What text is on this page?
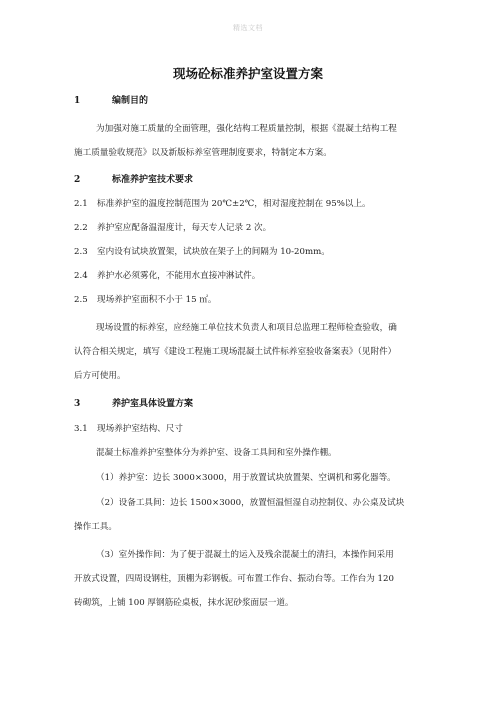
精选文档
现场砼标准养护室设置方案
1	编制目的
为加强对施工质量的全面管理，强化结构工程质量控制，根据《混凝土结构工程
施工质量验收规范》以及新版标养室管理制度要求，特制定本方案。
2	标准养护室技术要求
2.1 标准养护室的温度控制范围为 20℃±2℃，相对湿度控制在 95%以上。
2.2 养护室应配备温湿度计，每天专人记录 2 次。
2.3 室内设有试块放置架，试块放在架子上的间隔为 10-20mm。
2.4 养护水必须雾化，不能用水直接冲淋试件。
2.5 现场养护室面积不小于 15 ㎡。
现场设置的标养室，应经施工单位技术负责人和项目总监理工程师检查验收，确
认符合相关规定，填写《建设工程施工现场混凝土试件标养室验收备案表》（见附件）
后方可使用。
3	养护室具体设置方案
3.1 现场养护室结构、尺寸
混凝土标准养护室整体分为养护室、设备工具间和室外操作棚。
（1）养护室：边长 3000×3000，用于放置试块放置架、空调机和雾化器等。
（2）设备工具间：边长 1500×3000，放置恒温恒湿自动控制仪、办公桌及试块
操作工具。
（3）室外操作间：为了便于混凝土的运入及残余混凝土的清扫，本操作间采用
开放式设置，四周设钢柱，顶棚为彩钢板。可布置工作台、振动台等。工作台为 120
砖砌筑，上铺 100 厚钢筋砼桌板，抹水泥砂浆面层一道。
